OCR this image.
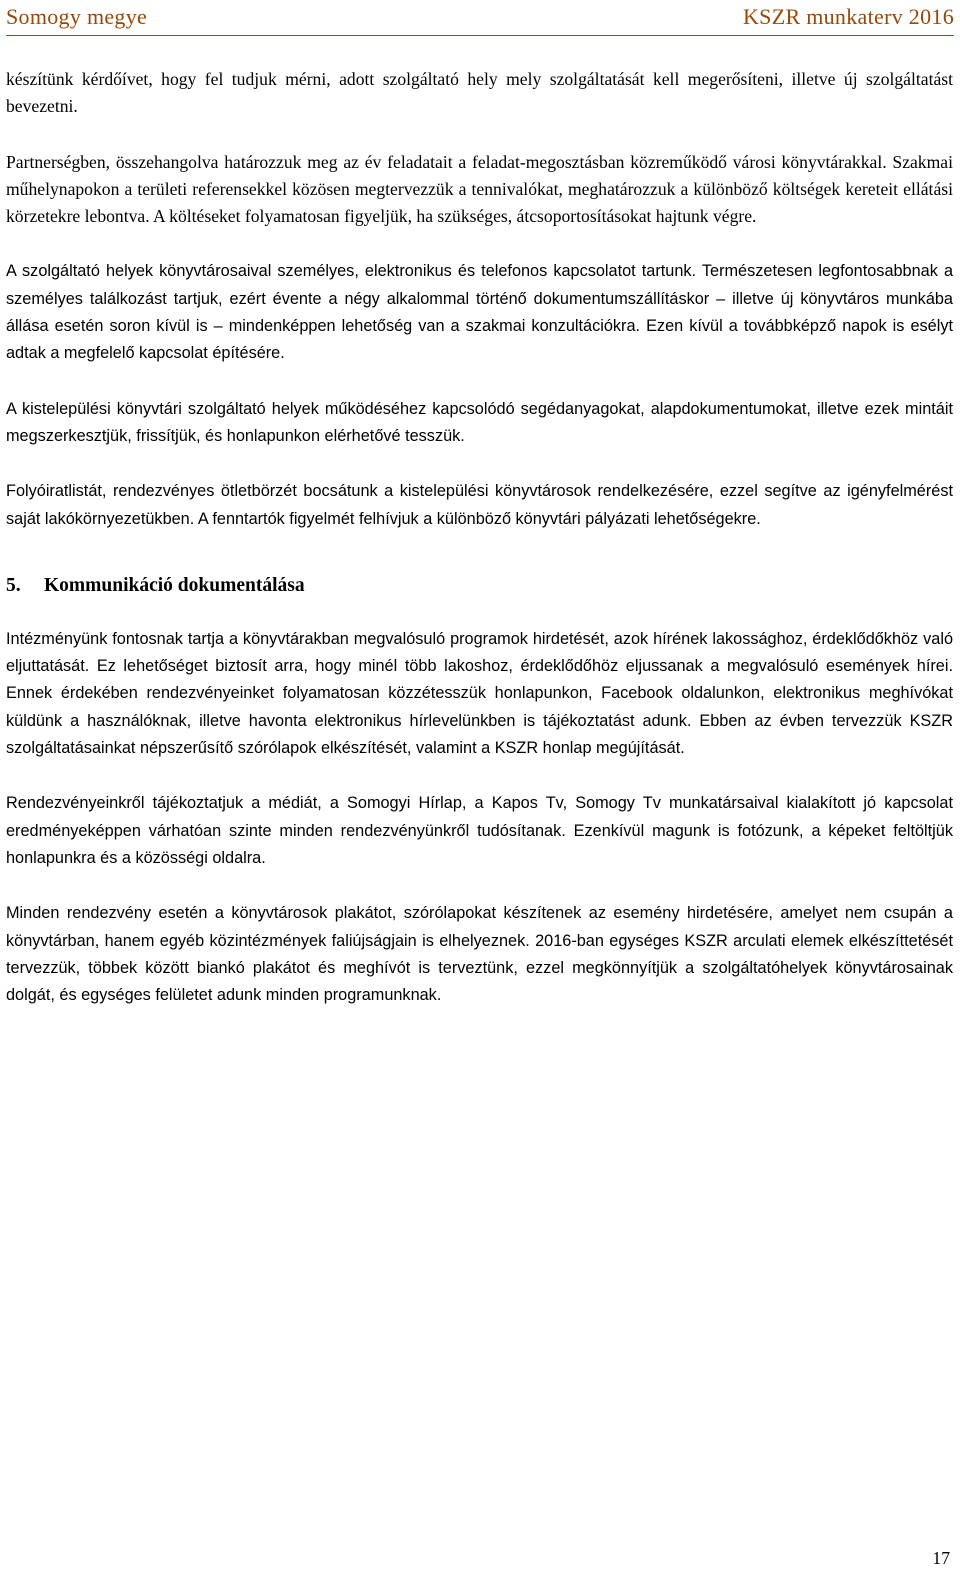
Somogy megye	KSZR munkaterv 2016

készítünk kérdőívet, hogy fel tudjuk mérni, adott szolgáltató hely mely szolgáltatását kell megerősíteni, illetve új szolgáltatást bevezetni.

Partnerségben, összehangolva határozzuk meg az év feladatait a feladat-megosztásban közreműködő városi könyvtárakkal. Szakmai műhelynapokon a területi referensekkel közösen megtervezzük a tennivalókat, meghatározzuk a különböző költségek kereteit ellátási körzetekre lebontva. A költéseket folyamatosan figyeljük, ha szükséges, átcsoportosításokat hajtunk végre.

A szolgáltató helyek könyvtárosaival személyes, elektronikus és telefonos kapcsolatot tartunk. Természetesen legfontosabbnak a személyes találkozást tartjuk, ezért évente a négy alkalommal történő dokumentumszállításkor – illetve új könyvtáros munkába állása esetén soron kívül is – mindenképpen lehetőség van a szakmai konzultációkra. Ezen kívül a továbbképző napok is esélyt adtak a megfelelő kapcsolat építésére.

A kistelepülési könyvtári szolgáltató helyek működéséhez kapcsolódó segédanyagokat, alapdokumentumokat, illetve ezek mintáit megszerkesztjük, frissítjük, és honlapunkon elérhetővé tesszük.

Folyóiratlistát, rendezvényes ötletbörzét bocsátunk a kistelepülési könyvtárosok rendelkezésére, ezzel segítve az igényfelmérést saját lakókörnyezetükben. A fenntartók figyelmét felhívjuk a különböző könyvtári pályázati lehetőségekre.

5. Kommunikáció dokumentálása

Intézményünk fontosnak tartja a könyvtárakban megvalósuló programok hirdetését, azok hírének lakossághoz, érdeklődőkhöz való eljuttatását. Ez lehetőséget biztosít arra, hogy minél több lakoshoz, érdeklődőhöz eljussanak a megvalósuló események hírei. Ennek érdekében rendezvényeinket folyamatosan közzétesszük honlapunkon, Facebook oldalunkon, elektronikus meghívókat küldünk a használóknak, illetve havonta elektronikus hírlevelünkben is tájékoztatást adunk. Ebben az évben tervezzük KSZR szolgáltatásainkat népszerűsítő szórólapok elkészítését, valamint a KSZR honlap megújítását.

Rendezvényeinkről tájékoztatjuk a médiát, a Somogyi Hírlap, a Kapos Tv, Somogy Tv munkatársaival kialakított jó kapcsolat eredményeképpen várhatóan szinte minden rendezvényünkről tudósítanak. Ezenkívül magunk is fotózunk, a képeket feltöltjük honlapunkra és a közösségi oldalra.

Minden rendezvény esetén a könyvtárosok plakátot, szórólapokat készítenek az esemény hirdetésére, amelyet nem csupán a könyvtárban, hanem egyéb közintézmények faliújságjain is elhelyeznek. 2016-ban egységes KSZR arculati elemek elkészíttetését tervezzük, többek között biankó plakátot és meghívót is terveztünk, ezzel megkönnyítjük a szolgáltatóhelyek könyvtárosainak dolgát, és egységes felületet adunk minden programunknak.

17
